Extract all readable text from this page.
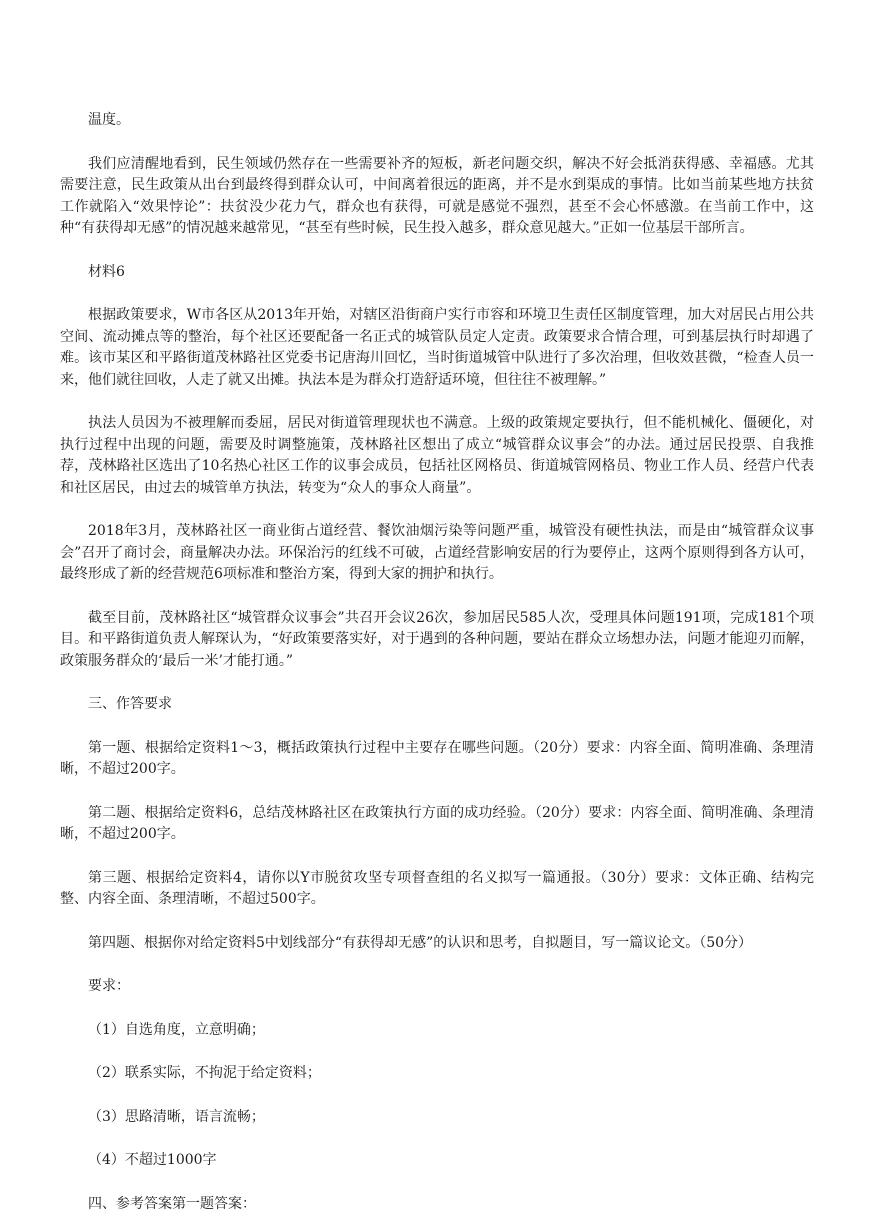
温度。

我们应清醒地看到，民生领域仍然存在一些需要补齐的短板，新老问题交织，解决不好会抵消获得感、幸福感。尤其需要注意，民生政策从出台到最终得到群众认可，中间离着很远的距离，并不是水到渠成的事情。比如当前某些地方扶贫工作就陷入“效果悖论”：扶贫没少花力气，群众也有获得，可就是感觉不强烈，甚至不会心怀感激。在当前工作中，这种“有获得却无感”的情况越来越常见，“甚至有些时候，民生投入越多，群众意见越大。”正如一位基层干部所言。

材料6

根据政策要求，W市各区从2013年开始，对辖区沿街商户实行市容和环境卫生责任区制度管理，加大对居民占用公共空间、流动摊点等的整治，每个社区还要配备一名正式的城管队员定人定责。政策要求合情合理，可到基层执行时却遇了难。该市某区和平路街道茂林路社区党委书记唐海川回忆，当时街道城管中队进行了多次治理，但收效甚微，“检查人员一来，他们就往回收，人走了就又出摊。执法本是为群众打造舒适环境，但往往不被理解。”

执法人员因为不被理解而委屈，居民对街道管理现状也不满意。上级的政策规定要执行，但不能机械化、僵硬化，对执行过程中出现的问题，需要及时调整施策，茂林路社区想出了成立“城管群众议事会”的办法。通过居民投票、自我推荐，茂林路社区选出了10名热心社区工作的议事会成员，包括社区网格员、街道城管网格员、物业工作人员、经营户代表和社区居民，由过去的城管单方执法，转变为“众人的事众人商量”。

2018年3月，茂林路社区一商业街占道经营、餐饮油烟污染等问题严重，城管没有硬性执法，而是由“城管群众议事会”召开了商讨会，商量解决办法。环保治污的红线不可破，占道经营影响安居的行为要停止，这两个原则得到各方认可，最终形成了新的经营规范6项标准和整治方案，得到大家的拥护和执行。

截至目前，茂林路社区“城管群众议事会”共召开会议26次，参加居民585人次，受理具体问题191项，完成181个项目。和平路街道负责人解琛认为，“好政策要落实好，对于遇到的各种问题，要站在群众立场想办法，问题才能迎刃而解，政策服务群众的‘最后一米’才能打通。”

三、作答要求

第一题、根据给定资料1～3，概括政策执行过程中主要存在哪些问题。（20分）要求：内容全面、简明准确、条理清晰，不超过200字。

第二题、根据给定资料6，总结茂林路社区在政策执行方面的成功经验。（20分）要求：内容全面、简明准确、条理清晰，不超过200字。

第三题、根据给定资料4，请你以Y市脱贫攻坚专项督查组的名义拟写一篇通报。（30分）要求：文体正确、结构完整、内容全面、条理清晰，不超过500字。

第四题、根据你对给定资料5中划线部分“有获得却无感”的认识和思考，自拟题目，写一篇议论文。（50分）

要求：

（1）自选角度，立意明确；

（2）联系实际，不拘泥于给定资料；

（3）思路清晰，语言流畅；

（4）不超过1000字

四、参考答案第一题答案：
